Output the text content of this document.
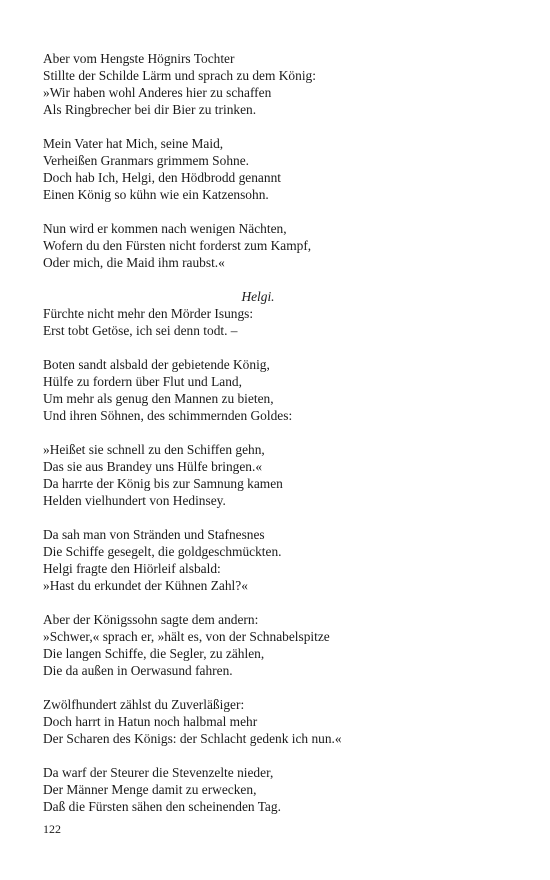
Aber vom Hengste Högnirs Tochter
Stillte der Schilde Lärm und sprach zu dem König:
»Wir haben wohl Anderes hier zu schaffen
Als Ringbrecher bei dir Bier zu trinken.
Mein Vater hat Mich, seine Maid,
Verheißen Granmars grimmem Sohne.
Doch hab Ich, Helgi, den Hödbrodd genannt
Einen König so kühn wie ein Katzensohn.
Nun wird er kommen nach wenigen Nächten,
Wofern du den Fürsten nicht forderst zum Kampf,
Oder mich, die Maid ihm raubst.«
Helgi.
Fürchte nicht mehr den Mörder Isungs:
Erst tobt Getöse, ich sei denn todt. –
Boten sandt alsbald der gebietende König,
Hülfe zu fordern über Flut und Land,
Um mehr als genug den Mannen zu bieten,
Und ihren Söhnen, des schimmernden Goldes:
»Heißet sie schnell zu den Schiffen gehn,
Das sie aus Brandey uns Hülfe bringen.«
Da harrte der König bis zur Samnung kamen
Helden vielhundert von Hedinsey.
Da sah man von Stränden und Stafnesnes
Die Schiffe gesegelt, die goldgeschmückten.
Helgi fragte den Hiörleif alsbald:
»Hast du erkundet der Kühnen Zahl?«
Aber der Königssohn sagte dem andern:
»Schwer,« sprach er, »hält es, von der Schnabelspitze
Die langen Schiffe, die Segler, zu zählen,
Die da außen in Oerwasund fahren.
Zwölfhundert zählst du Zuverläßiger:
Doch harrt in Hatun noch halbmal mehr
Der Scharen des Königs: der Schlacht gedenk ich nun.«
Da warf der Steurer die Stevenzelte nieder,
Der Männer Menge damit zu erwecken,
Daß die Fürsten sähen den scheinenden Tag.
122
